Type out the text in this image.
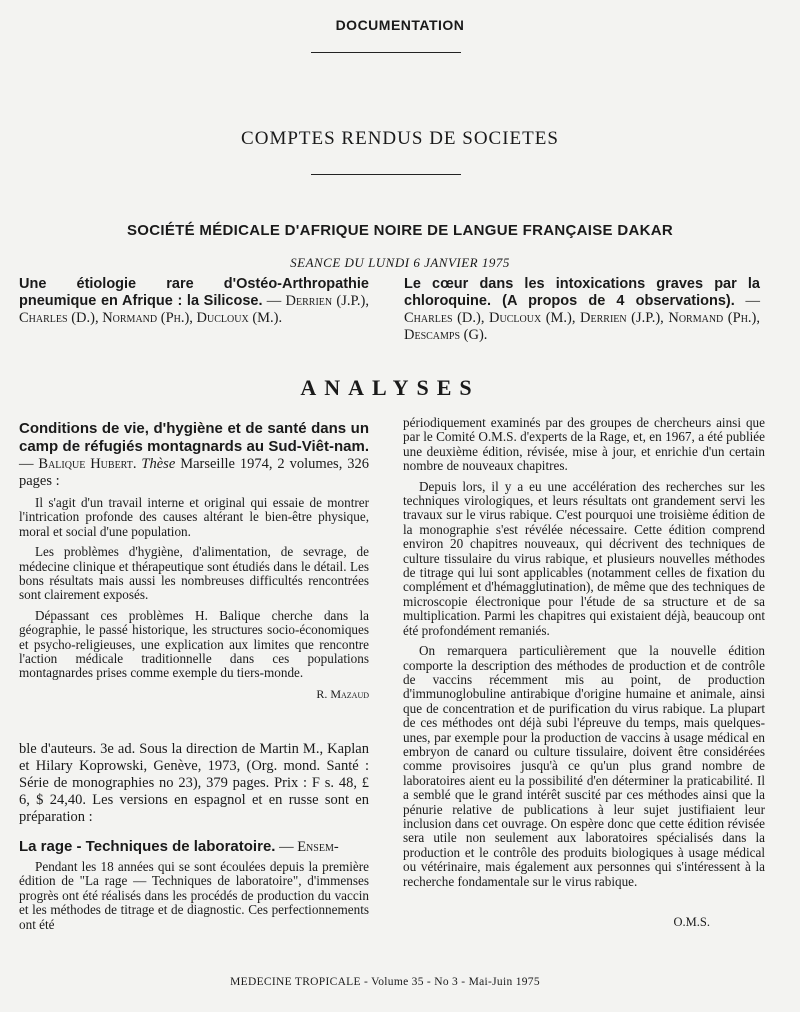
DOCUMENTATION
COMPTES RENDUS DE SOCIETES
SOCIÉTÉ MÉDICALE D'AFRIQUE NOIRE DE LANGUE FRANÇAISE DAKAR
SEANCE DU LUNDI 6 JANVIER 1975
Une étiologie rare d'Ostéo-Arthropathie pneumique en Afrique : la Silicose. — Derrien (J.P.), Charles (D.), Normand (Ph.), Ducloux (M.).
Le cœur dans les intoxications graves par la chloroquine. (A propos de 4 observations). — Charles (D.), Ducloux (M.), Derrien (J.P.), Normand (Ph.), Descamps (G).
ANALYSES
Conditions de vie, d'hygiène et de santé dans un camp de réfugiés montagnards au Sud-Viêt-nam. — Balique Hubert. Thèse Marseille 1974, 2 volumes, 326 pages :

Il s'agit d'un travail interne et original qui essaie de montrer l'intrication profonde des causes altérant le bien-être physique, moral et social d'une population.

Les problèmes d'hygiène, d'alimentation, de sevrage, de médecine clinique et thérapeutique sont étudiés dans le détail. Les bons résultats mais aussi les nombreuses difficultés rencontrées sont clairement exposés.

Dépassant ces problèmes H. Balique cherche dans la géographie, le passé historique, les structures socio-économiques et psycho-religieuses, une explication aux limites que rencontre l'action médicale traditionnelle dans ces populations montagnardes prises comme exemple du tiers-monde.

R. Mazaud
ble d'auteurs. 3e ad. Sous la direction de Martin M., Kaplan et Hilary Koprowski, Genève, 1973, (Org. mond. Santé : Série de monographies no 23), 379 pages. Prix : F s. 48, £ 6, $ 24,40. Les versions en espagnol et en russe sont en préparation :
La rage - Techniques de laboratoire. — Ensem-

Pendant les 18 années qui se sont écoulées depuis la première édition de "La rage — Techniques de laboratoire", d'immenses progrès ont été réalisés dans les procédés de production du vaccin et les méthodes de titrage et de diagnostic. Ces perfectionnements ont été

périodiquement examinés par des groupes de chercheurs ainsi que par le Comité O.M.S. d'experts de la Rage, et, en 1967, a été publiée une deuxième édition, révisée, mise à jour, et enrichie d'un certain nombre de nouveaux chapitres.

Depuis lors, il y a eu une accélération des recherches sur les techniques virologiques, et leurs résultats ont grandement servi les travaux sur le virus rabique. C'est pourquoi une troisième édition de la monographie s'est révélée nécessaire. Cette édition comprend environ 20 chapitres nouveaux, qui décrivent des techniques de culture tissulaire du virus rabique, et plusieurs nouvelles méthodes de titrage qui lui sont applicables (notamment celles de fixation du complément et d'hémagglutination), de même que des techniques de microscopie électronique pour l'étude de sa structure et de sa multiplication. Parmi les chapitres qui existaient déjà, beaucoup ont été profondément remaniés.

On remarquera particulièrement que la nouvelle édition comporte la description des méthodes de production et de contrôle de vaccins récemment mis au point, de production d'immunoglobuline antirabique d'origine humaine et animale, ainsi que de concentration et de purification du virus rabique. La plupart de ces méthodes ont déjà subi l'épreuve du temps, mais quelques-unes, par exemple pour la production de vaccins à usage médical en embryon de canard ou culture tissulaire, doivent être considérées comme provisoires jusqu'à ce qu'un plus grand nombre de laboratoires aient eu la possibilité d'en déterminer la praticabilité. Il a semblé que le grand intérêt suscité par ces méthodes ainsi que la pénurie relative de publications à leur sujet justifiaient leur inclusion dans cet ouvrage. On espère donc que cette édition révisée sera utile non seulement aux laboratoires spécialisés dans la production et le contrôle des produits biologiques à usage médical ou vétérinaire, mais également aux personnes qui s'intéressent à la recherche fondamentale sur le virus rabique.

O.M.S.
MEDECINE TROPICALE - Volume 35 - No 3 - Mai-Juin 1975
